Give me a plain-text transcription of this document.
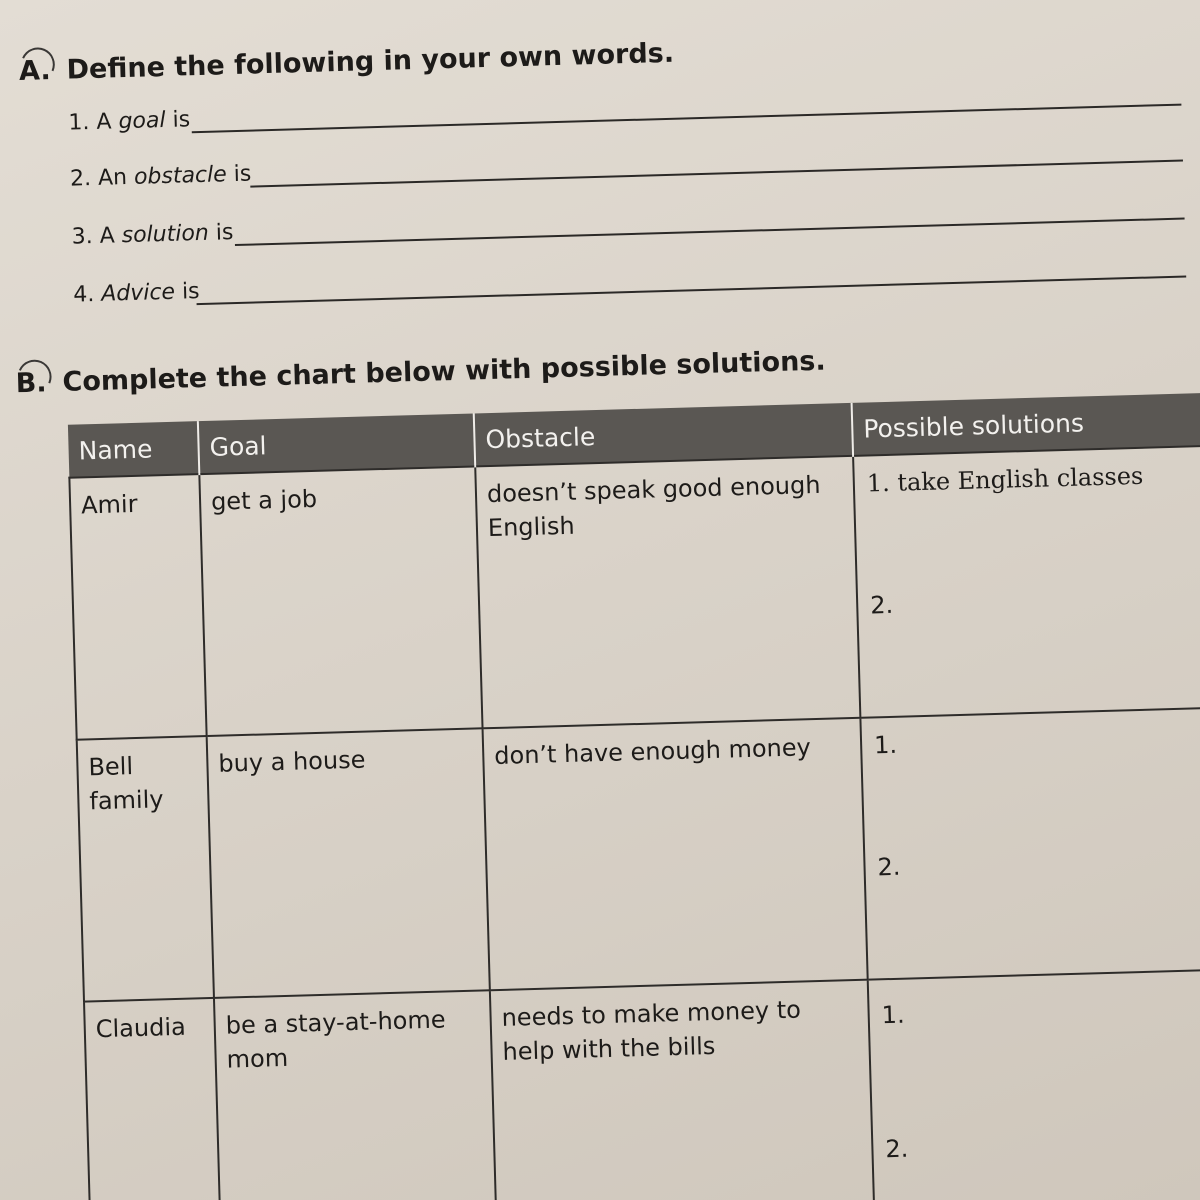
A. Define the following in your own words.
1. A goal is
2. An obstacle is
3. A solution is
4. Advice is
B. Complete the chart below with possible solutions.
Name	Goal	Obstacle	Possible solutions
Amir	get a job	doesn’t speak good enough English	1. take English classes
2.

Bell family	buy a house	don’t have enough money	1.
2.

Claudia	be a stay-at-home mom	needs to make money to help with the bills	1.
2.
